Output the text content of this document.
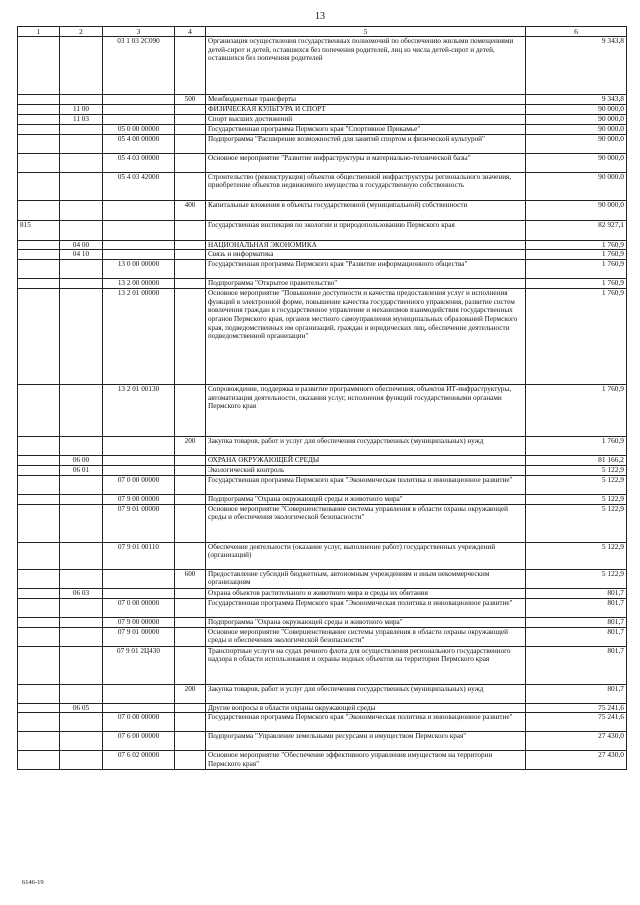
13
1	2	3	4	5	6
		03 1 03 2С090		Организация осуществления государственных полномочий по обеспечению жилыми помещениями детей-сирот и детей, оставшихся без попечения родителей, лиц из числа детей-сирот и детей, оставшихся без попечения родителей	9 343,8
			500	Межбюджетные трансферты	9 343,8
	11 00			ФИЗИЧЕСКАЯ КУЛЬТУРА И СПОРТ	90 000,0
	11 03			Спорт высших достижений	90 000,0
		05 0 00 00000		Государственная программа Пермского края "Спортивное Прикамье"	90 000,0
		05 4 00 00000		Подпрограмма "Расширение возможностей для занятий спортом и физической культурой"	90 000,0
		05 4 03 00000		Основное мероприятие "Развитие инфраструктуры и материально-технической базы"	90 000,0
		05 4 03 42000		Строительство (реконструкция) объектов общественной инфраструктуры регионального значения, приобретение объектов недвижимого имущества в государственную собственность	90 000,0
			400	Капитальные вложения в объекты государственной (муниципальной) собственности	90 000,0
815				Государственная инспекция по экологии и природопользованию Пермского края	82 927,1
	04 00			НАЦИОНАЛЬНАЯ ЭКОНОМИКА	1 760,9
	04 10			Связь и информатика	1 760,9
		13 0 00 00000		Государственная программа Пермского края "Развитие информационного общества"	1 760,9
		13 2 00 00000		Подпрограмма "Открытое правительство"	1 760,9
		13 2 01 00000		Основное мероприятие "Повышение доступности и качества предоставления услуг и исполнения функций в электронной форме, повышение качества государственного управления, развитие систем вовлечения граждан в государственное управление и механизмов взаимодействия государственных органов Пермского края, органов местного самоуправления муниципальных образований Пермского края, подведомственных им организаций, граждан и юридических лиц, обеспечение деятельности подведомственной организации"	1 760,9
		13 2 01 00130		Сопровождение, поддержка и развитие программного обеспечения, объектов ИТ-инфраструктуры, автоматизация деятельности, оказания услуг, исполнения функций государственными органами Пермского края	1 760,9
			200	Закупка товаров, работ и услуг для обеспечения государственных (муниципальных) нужд	1 760,9
	06 00			ОХРАНА ОКРУЖАЮЩЕЙ СРЕДЫ	81 166,2
	06 01			Экологический контроль	5 122,9
		07 0 00 00000		Государственная программа Пермского края "Экономическая политика и инновационное развитие"	5 122,9
		07 9 00 00000		Подпрограмма "Охрана окружающей среды и животного мира"	5 122,9
		07 9 01 00000		Основное мероприятие "Совершенствование системы управления в области охраны окружающей среды и обеспечения экологической безопасности"	5 122,9
		07 9 01 00110		Обеспечение деятельности (оказание услуг, выполнение работ) государственных учреждений (организаций)	5 122,9
			600	Предоставление субсидий бюджетным, автономным учреждениям и иным некоммерческим организациям	5 122,9
	06 03			Охрана объектов растительного и животного мира и среды их обитания	801,7
		07 0 00 00000		Государственная программа Пермского края "Экономическая политика и инновационное развитие"	801,7
		07 9 00 00000		Подпрограмма "Охрана окружающей среды и животного мира"	801,7
		07 9 01 00000		Основное мероприятие "Совершенствование системы управления в области охраны окружающей среды и обеспечения экологической безопасности"	801,7
		07 9 01 2Ц430		Транспортные услуги на судах речного флота для осуществления регионального государственного надзора в области использования и охраны водных объектов на территории Пермского края	801,7
			200	Закупка товаров, работ и услуг для обеспечения государственных (муниципальных) нужд	801,7
	06 05			Другие вопросы в области охраны окружающей среды	75 241,6
		07 0 00 00000		Государственная программа Пермского края "Экономическая политика и инновационное развитие"	75 241,6
		07 6 00 00000		Подпрограмма "Управление земельными ресурсами и имуществом Пермского края"	27 430,0
		07 6 02 00000		Основное мероприятие "Обеспечение эффективного управления имуществом на территории Пермского края"	27 430,0
6146-19
